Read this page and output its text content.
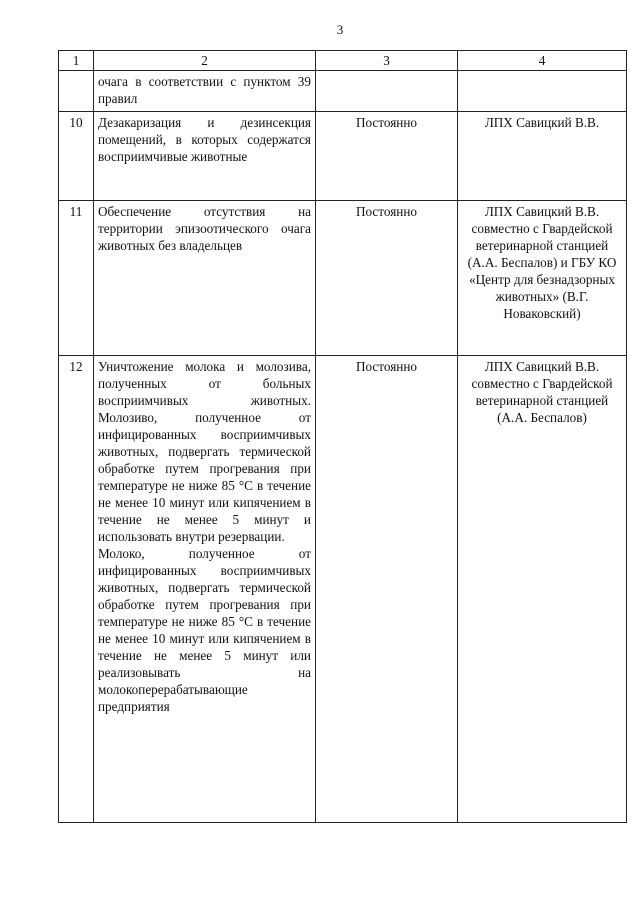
3
1	2	3	4

	очага в соответствии с пунктом 39 правил		

10	Дезакаризация и дезинсекция помещений, в которых содержатся восприимчивые животные	Постоянно	ЛПХ Савицкий В.В.
11	Обеспечение отсутствия на территории эпизоотического очага животных без владельцев	Постоянно	ЛПХ Савицкий В.В. совместно с Гвардейской ветеринарной станцией (А.А. Беспалов) и ГБУ КО «Центр для безнадзорных животных» (В.Г. Новаковский)
12	Уничтожение молока и молозива, полученных от больных восприимчивых животных. Молозиво, полученное от инфицированных восприимчивых животных, подвергать термической обработке путем прогревания при температуре не ниже 85 °С в течение не менее 10 минут или кипячением в течение не менее 5 минут и использовать внутри резервации.
Молоко, полученное от инфицированных восприимчивых животных, подвергать термической обработке путем прогревания при температуре не ниже 85 °С в течение не менее 10 минут или кипячением в течение не менее 5 минут или реализовывать на молокоперерабатывающие предприятия	Постоянно	ЛПХ Савицкий В.В. совместно с Гвардейской ветеринарной станцией (А.А. Беспалов)
